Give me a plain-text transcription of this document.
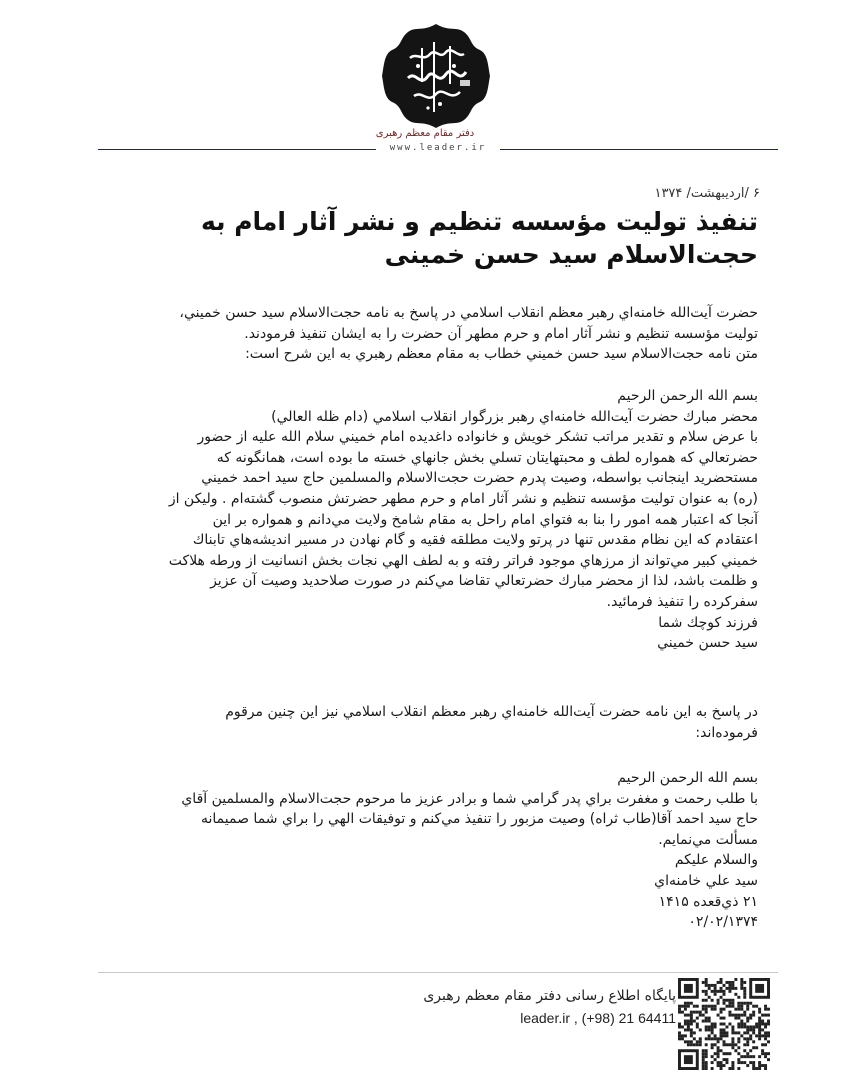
دفتر مقام معظم رهبری
www.leader.ir
۶ /اردیبهشت/ ۱۳۷۴
تنفیذ تولیت مؤسسه تنظیم و نشر آثار امام به حجت‌الاسلام سید حسن خمینی

حضرت آيت‌الله خامنه‌اي رهبر معظم انقلاب اسلامي در پاسخ به نامه حجت‌الاسلام سيد حسن خميني،

توليت مؤسسه تنظيم و نشر آثار امام و حرم مطهر آن حضرت را به ايشان تنفيذ فرمودند.

متن نامه حجت‌الاسلام سيد حسن خميني خطاب به مقام معظم رهبري به اين شرح است:

بسم الله الرحمن الرحيم

محضر مبارك حضرت آيت‌الله خامنه‌اي رهبر بزرگوار انقلاب اسلامي (دام ظله العالي)

با عرض سلام و تقدير مراتب تشكر خويش و خانواده داغديده امام خميني سلام الله عليه از حضور

حضرتعالي كه همواره لطف و محبتهايتان تسلي بخش جانهاي خسته ما بوده است، همانگونه كه

مستحضريد اينجانب بواسطه، وصيت پدرم حضرت حجت‌الاسلام والمسلمين حاج سيد احمد خميني

(ره) به عنوان توليت مؤسسه تنظيم و نشر آثار امام و حرم مطهر حضرتش منصوب گشته‌ام . وليكن از

آنجا كه اعتبار همه امور را بنا به فتواي امام راحل به مقام شامخ ولايت مي‌دانم و همواره بر اين

اعتقادم كه اين نظام مقدس تنها در پرتو ولايت مطلقه فقيه و گام نهادن در مسير انديشه‌هاي تابناك

خميني كبير مي‌تواند از مرزهاي موجود فراتر رفته و به لطف الهي نجات بخش انسانيت از ورطه هلاكت

و ظلمت باشد، لذا از محضر مبارك حضرتعالي تقاضا مي‌كنم در صورت صلاحديد وصيت آن عزيز

سفركرده را تنفيذ فرمائيد.

فرزند كوچك شما

سيد حسن خميني

در پاسخ به اين نامه حضرت آيت‌الله خامنه‌اي رهبر معظم انقلاب اسلامي نيز اين چنين مرقوم

فرموده‌اند:

بسم الله الرحمن الرحيم

با طلب رحمت و مغفرت براي پدر گرامي شما و برادر عزيز ما مرحوم حجت‌الاسلام والمسلمين آقاي

حاج سيد احمد آقا(طاب ثراه) وصيت مزبور را تنفيذ مي‌كنم و توفيقات الهي را براي شما صميمانه

مسألت مي‌نمايم.

والسلام عليكم

سيد علي خامنه‌اي

۲۱ ذي‌قعده ۱۴۱۵

۰۲/۰۲/۱۳۷۴

پایگاه اطلاع رسانی دفتر مقام معظم رهبری
leader.ir , (+98) 21 64411
